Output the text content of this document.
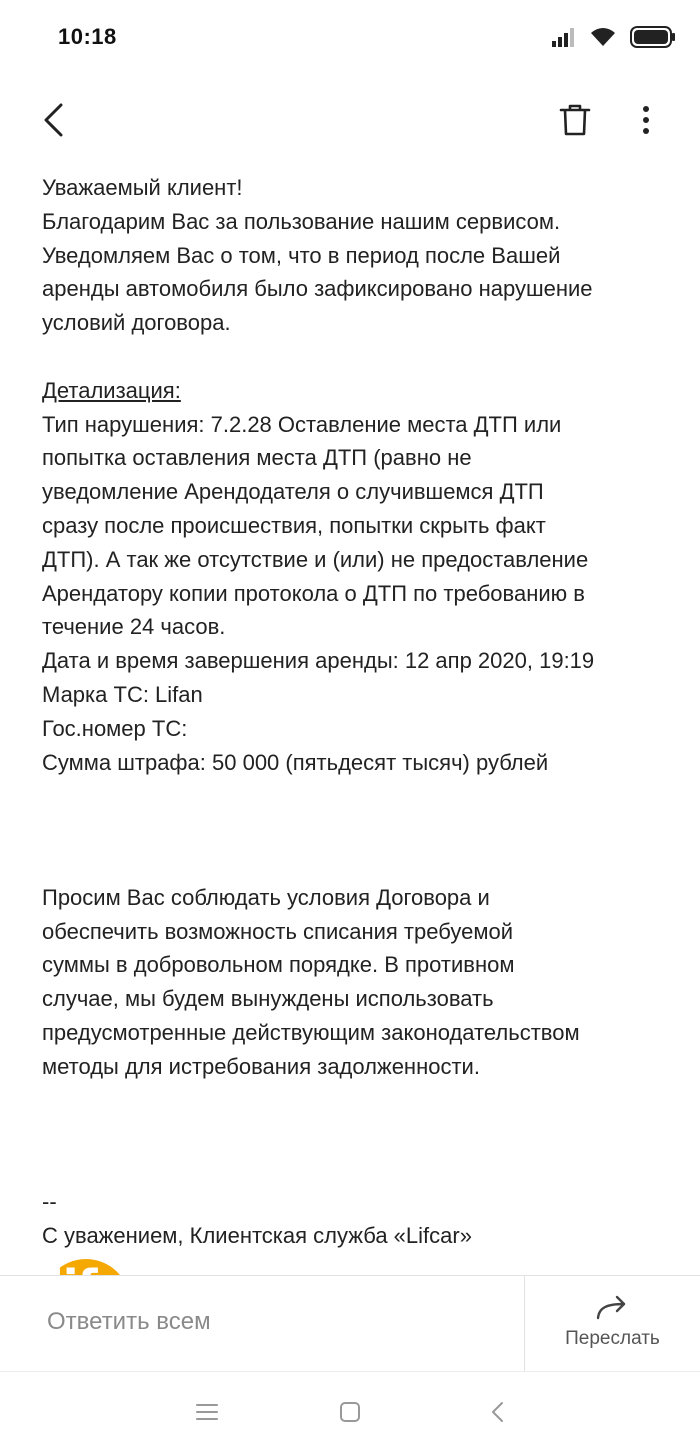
10:18

Уважаемый клиент!

Благодарим Вас за пользование нашим сервисом.

Уведомляем Вас о том, что в период после Вашей

аренды автомобиля было зафиксировано нарушение

условий договора.

Детализация:

Тип нарушения: 7.2.28 Оставление места ДТП или

попытка оставления места ДТП (равно не

уведомление Арендодателя о случившемся ДТП

сразу после происшествия, попытки скрыть факт

ДТП). А так же отсутствие и (или) не предоставление

Арендатору копии протокола о ДТП по требованию в

течение 24 часов.

Дата и время завершения аренды: 12 апр 2020, 19:19

Марка ТС: Lifan

Гос.номер ТС:

Сумма штрафа: 50 000 (пятьдесят тысяч) рублей

Просим Вас соблюдать условия Договора и

обеспечить возможность списания требуемой

суммы в добровольном порядке. В противном

случае, мы будем вынуждены использовать

предусмотренные действующим законодательством

методы для истребования задолженности.

--

С уважением, Клиентская служба «Lifcar»

Ответить всем
Переслать
